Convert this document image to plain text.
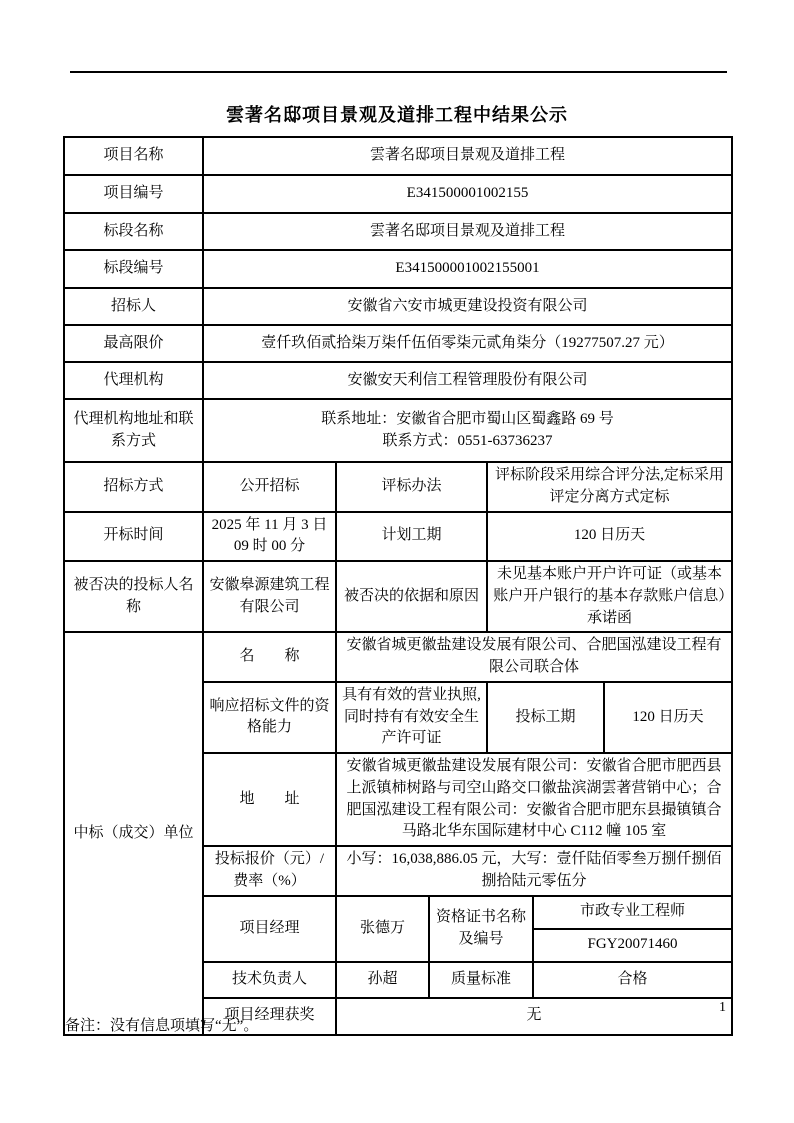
雲著名邸项目景观及道排工程中结果公示
项目名称	雲著名邸项目景观及道排工程					
项目编号	E341500001002155					
标段名称	雲著名邸项目景观及道排工程					
标段编号	E341500001002155001					
招标人	安徽省六安市城更建设投资有限公司					
最高限价	壹仟玖佰贰拾柒万柒仟伍佰零柒元贰角柒分（19277507.27 元）					
代理机构	安徽安天利信工程管理股份有限公司					
代理机构地址和联系方式	联系地址：安徽省合肥市蜀山区蜀鑫路 69 号
联系方式：0551-63736237					

招标方式	公开招标	评标办法		评标阶段采用综合评分法,定标采用评定分离方式定标		
开标时间	2025 年 11 月 3 日 09 时 00 分	计划工期		120 日历天		
被否决的投标人名称	安徽皋源建筑工程有限公司	被否决的依据和原因		未见基本账户开户许可证（或基本账户开户银行的基本存款账户信息）承诺函		
中标（成交）单位	名　　称	安徽省城更徽盐建设发展有限公司、合肥国泓建设工程有限公司联合体				
	响应招标文件的资格能力	具有有效的营业执照,同时持有有效安全生产许可证		投标工期		120 日历天
	地　　址	安徽省城更徽盐建设发展有限公司：安徽省合肥市肥西县上派镇柿树路与司空山路交口徽盐滨湖雲著营销中心；合肥国泓建设工程有限公司：安徽省合肥市肥东县撮镇镇合马路北华东国际建材中心 C112 幢 105 室				
	投标报价（元）/费率（%）	小写：16,038,886.05 元，大写：壹仟陆佰零叁万捌仟捌佰捌拾陆元零伍分				
	项目经理	张德万	资格证书名称及编号		市政专业工程师	
					FGY20071460	
	技术负责人	孙超	质量标准		合格	
	项目经理获奖	无					1
备注：没有信息项填写“无”。
